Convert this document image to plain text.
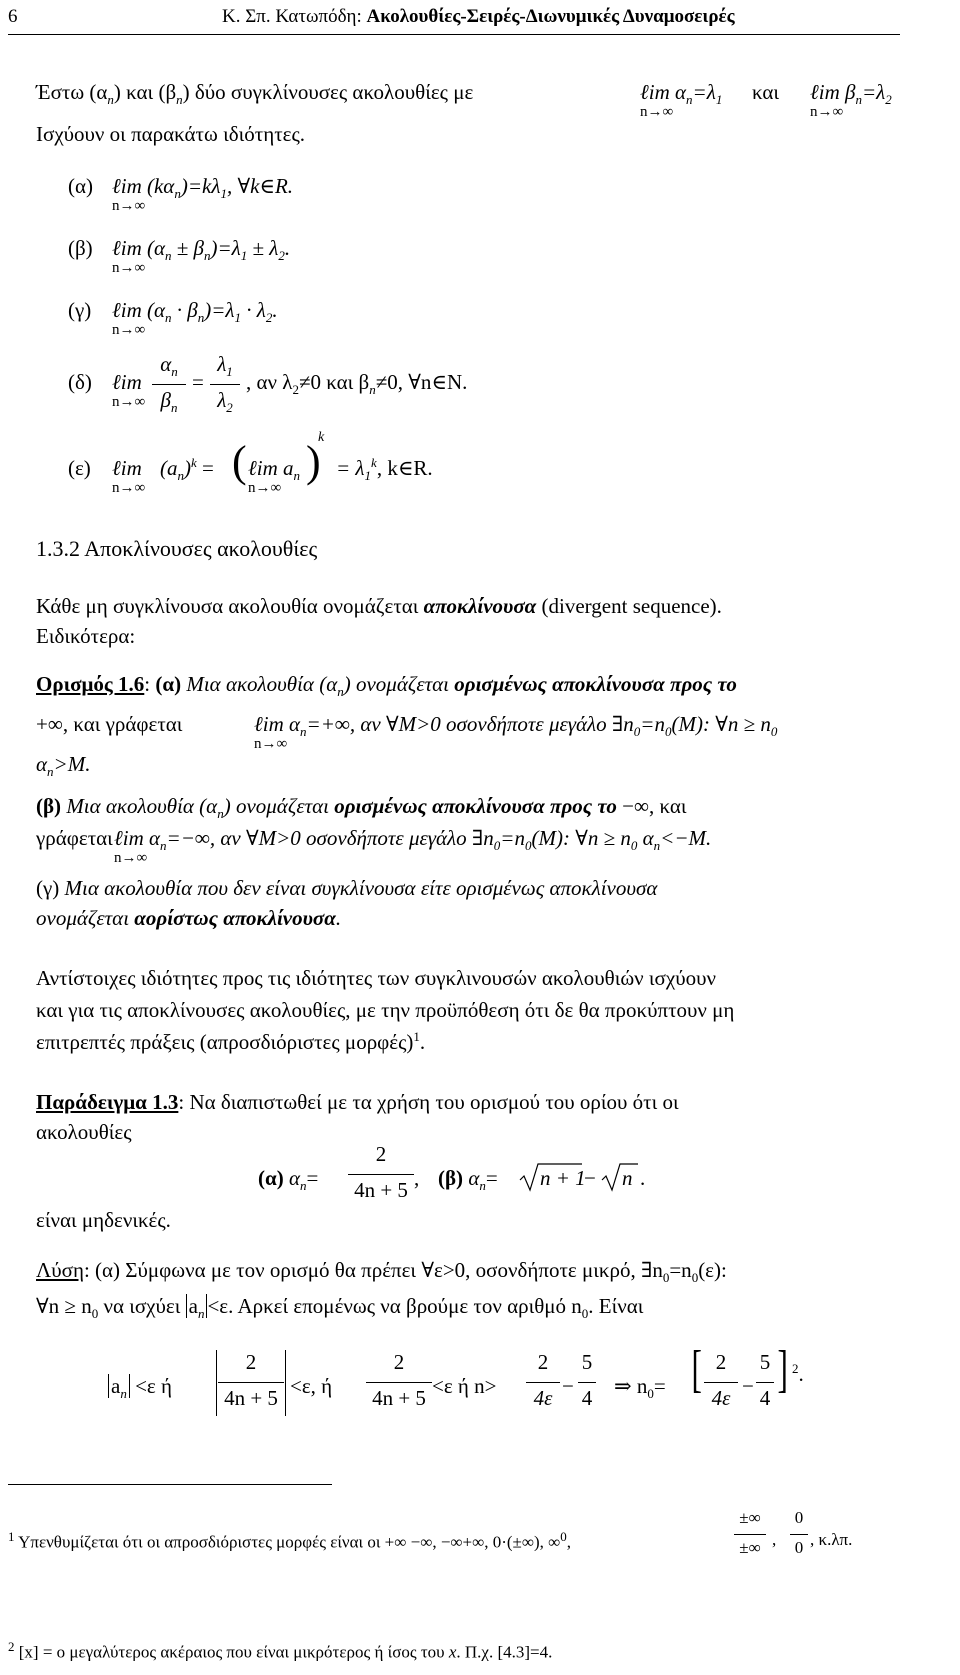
6	Κ. Σπ. Κατωπόδη: Ακολουθίες-Σειρές-Διωνυμικές Δυναμοσειρές
Έστω $(\alpha_n)$ και $(\beta_n)$ δύο συγκλίνουσες ακολουθίες με	ℓim $\alpha_n=\lambda_1$
n→∞
και ℓim $\beta_n=\lambda_2$
n→∞
Ισχύουν οι παρακάτω ιδιότητες.
(α) ℓim $(k\alpha_n)=k\lambda_1$, ∀k∈R.
n→∞
(β) ℓim $(\alpha_n \pm \beta_n)=\lambda_1 \pm \lambda_2$.
n→∞
(γ) ℓim $(\alpha_n \cdot \beta_n)=\lambda_1 \cdot \lambda_2$.
n→∞
(δ) ℓim
n→∞
$\alpha_n$
$\beta_n$
=
$\lambda_1$
$\lambda_2$
, αν $\lambda_2\ne 0$ και $\beta_n\ne 0$, ∀n∈N.
(ε) ℓim
n→∞
$(a_n)^k$ = ( ℓim $a_n$
n→∞
)
k
= $\lambda_1^k$, k∈R.
1.3.2 Αποκλίνουσες ακολουθίες
Κάθε μη συγκλίνουσα ακολουθία ονομάζεται αποκλίνουσα (divergent sequence).
Ειδικότερα:
Ορισμός 1.6: (α) Μια ακολουθία $(\alpha_n)$ ονομάζεται ορισμένως αποκλίνουσα προς το
+∞, και γράφεται	ℓim $\alpha_n=+\infty$, αν ∀M>0 οσονδήποτε μεγάλο $\exists n_0=n_0(M)$: ∀n ≥ $n_0$
n→∞
$\alpha_n>M$.
(β) Μια ακολουθία $(\alpha_n)$ ονομάζεται ορισμένως αποκλίνουσα προς το −∞, και
γράφεται ℓim $\alpha_n=-\infty$, αν ∀M>0 οσονδήποτε μεγάλο $\exists n_0=n_0(M)$: ∀n ≥ $n_0$ $\alpha_n<-M$.
n→∞
(γ) Μια ακολουθία που δεν είναι συγκλίνουσα είτε ορισμένως αποκλίνουσα
ονομάζεται αορίστως αποκλίνουσα.
Αντίστοιχες ιδιότητες προς τις ιδιότητες των συγκλινουσών ακολουθιών ισχύουν
και για τις αποκλίνουσες ακολουθίες, με την προϋπόθεση ότι δε θα προκύπτουν μη
επιτρεπτές πράξεις (απροσδιόριστες μορφές)$^1$.
Παράδειγμα 1.3: Να διαπιστωθεί με τα χρήση του ορισμού του ορίου ότι οι
ακολουθίες
(α) $\alpha_n=$
2
4n + 5 , (β) $\alpha_n= n + 1$
− n .
είναι μηδενικές.
Λύση: (α) Σύμφωνα με τον ορισμό θα πρέπει ∀ε>0, οσονδήποτε μικρό, $\exists n_0=n_0(\varepsilon)$:
∀n ≥ $n_0$ να ισχύει $a_n <\varepsilon$. Αρκεί επομένως να βρούμε τον αριθμό $n_0$. Είναι
$a_n <\varepsilon$ ή
2
4n + 5 <ε, ή
2
4n + 5 <ε ή n>
2
4ε −
5
4 ⇒ $n_0=$ [ 2
4ε −
5
4 ] $^2$.
$^1$ Υπενθυμίζεται ότι οι απροσδιόριστες μορφές είναι οι +∞ −∞, −∞+∞, 0·(±∞), ∞$^0$,
±∞
±∞ ,
0
0 , κ.λπ.
$^2$ [x] = ο μεγαλύτερος ακέραιος που είναι μικρότερος ή ίσος του x. Π.χ. [4.3]=4.
